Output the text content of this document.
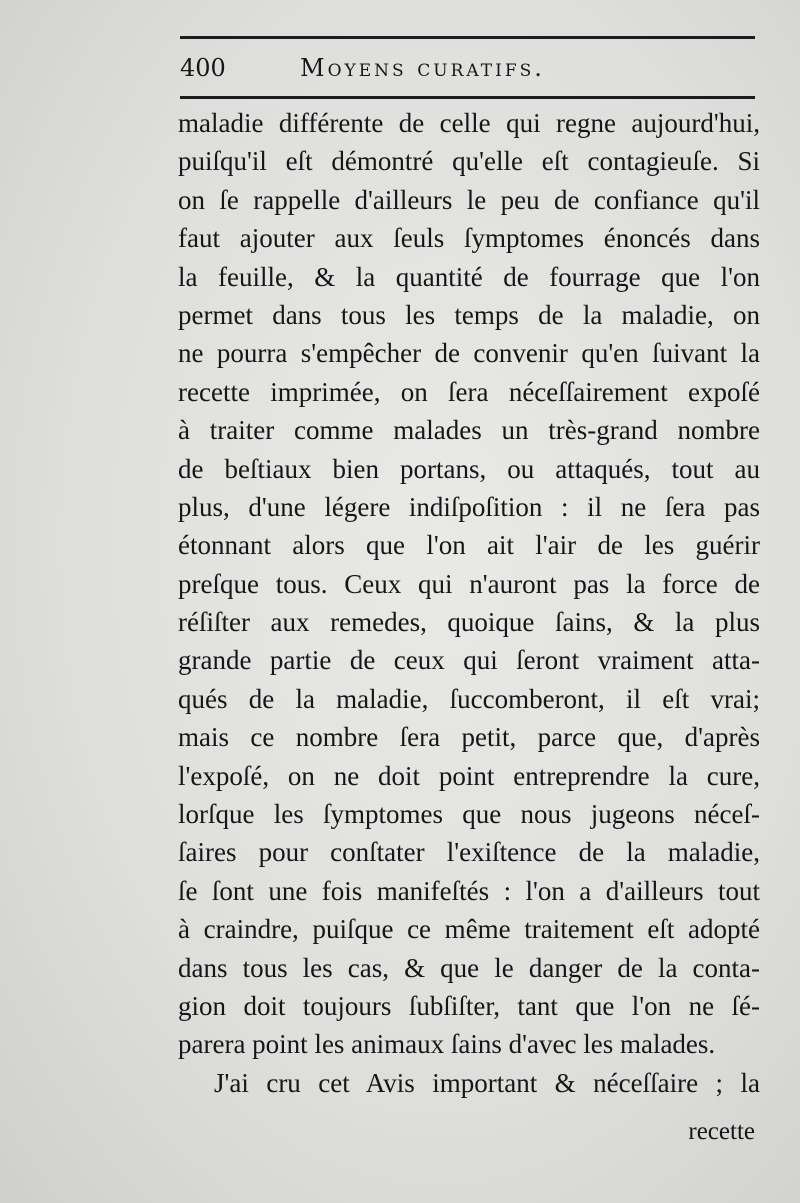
400	Moyens curatifs.
maladie différente de celle qui regne aujourd'hui,
puiſqu'il eſt démontré qu'elle eſt contagieuſe. Si
on ſe rappelle d'ailleurs le peu de confiance qu'il
faut ajouter aux ſeuls ſymptomes énoncés dans
la feuille, & la quantité de fourrage que l'on
permet dans tous les temps de la maladie, on
ne pourra s'empêcher de convenir qu'en ſuivant la
recette imprimée, on ſera néceſſairement expoſé
à traiter comme malades un très-grand nombre
de beſtiaux bien portans, ou attaqués, tout au
plus, d'une légere indiſpoſition : il ne ſera pas
étonnant alors que l'on ait l'air de les guérir
preſque tous. Ceux qui n'auront pas la force de
réſiſter aux remedes, quoique ſains, & la plus
grande partie de ceux qui ſeront vraiment atta-
qués de la maladie, ſuccomberont, il eſt vrai;
mais ce nombre ſera petit, parce que, d'après
l'expoſé, on ne doit point entreprendre la cure,
lorſque les ſymptomes que nous jugeons néceſ-
ſaires pour conſtater l'exiſtence de la maladie,
ſe ſont une fois manifeſtés : l'on a d'ailleurs tout
à craindre, puiſque ce même traitement eſt adopté
dans tous les cas, & que le danger de la conta-
gion doit toujours ſubſiſter, tant que l'on ne ſé-
parera point les animaux ſains d'avec les malades.
J'ai cru cet Avis important & néceſſaire ; la
recette
